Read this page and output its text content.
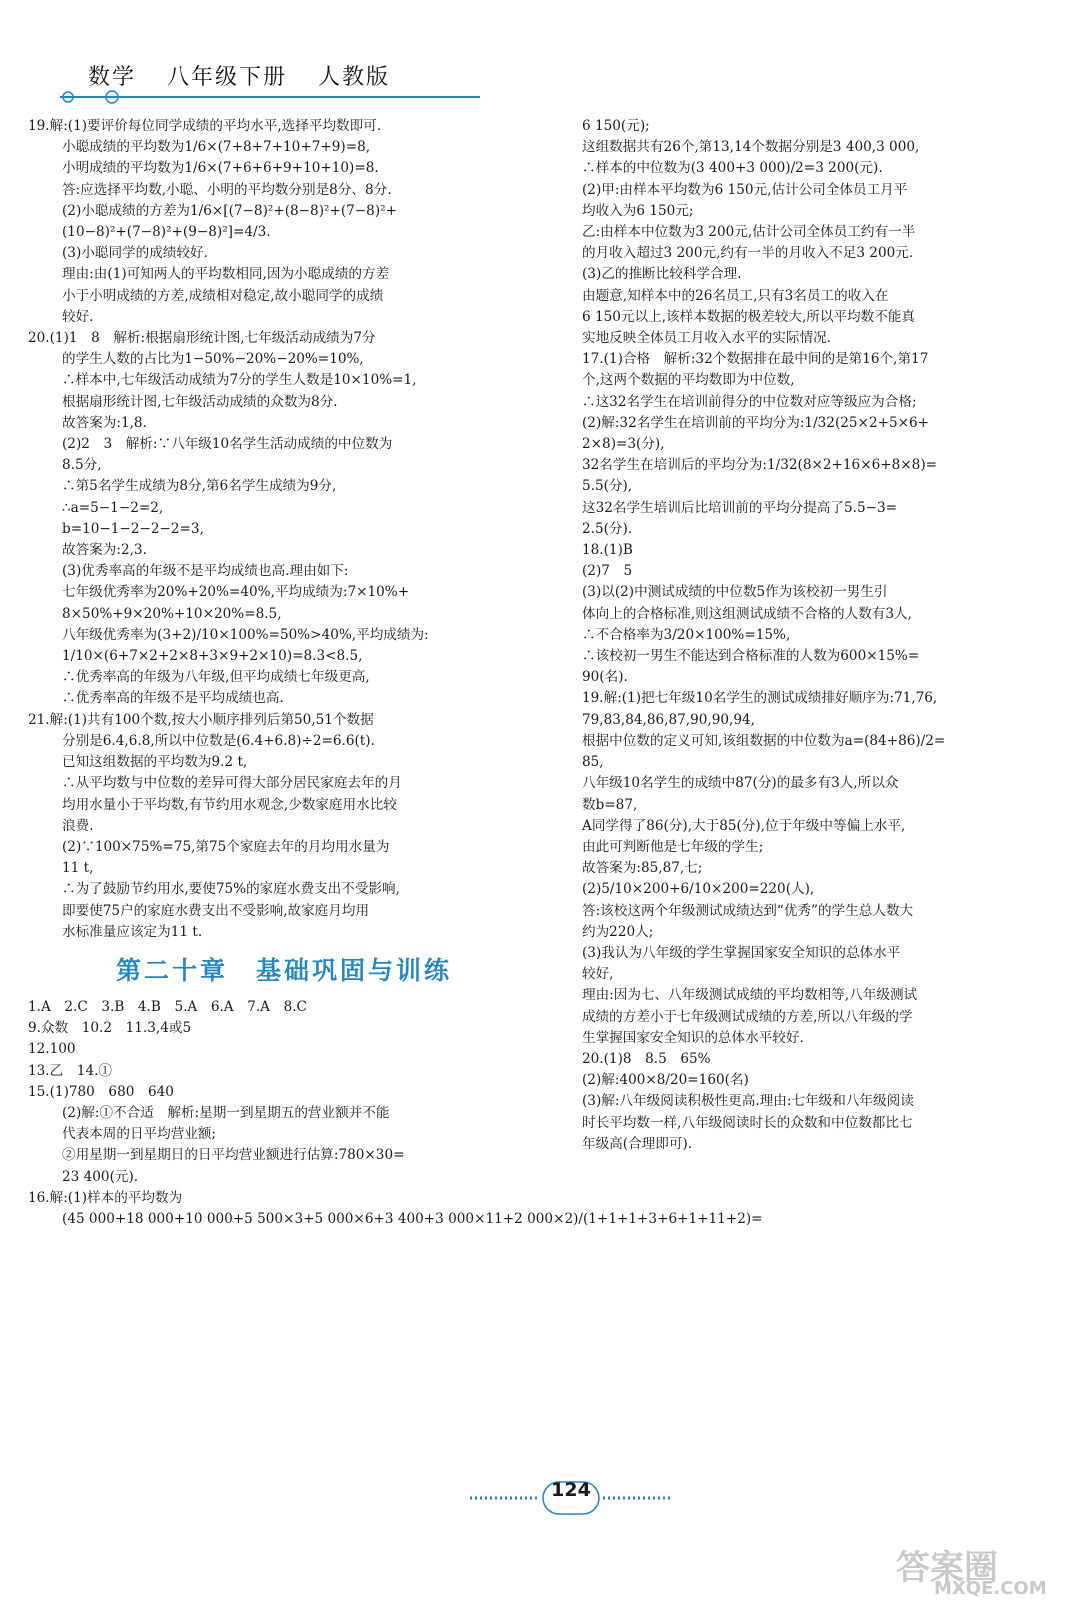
数学 八年级下册 人教版

19.解:(1)要评价每位同学成绩的平均水平,选择平均数即可.

小聪成绩的平均数为1/6×(7+8+7+10+7+9)=8,

小明成绩的平均数为1/6×(7+6+6+9+10+10)=8.

答:应选择平均数,小聪、小明的平均数分别是8分、8分.

(2)小聪成绩的方差为1/6×[(7−8)²+(8−8)²+(7−8)²+

(10−8)²+(7−8)²+(9−8)²]=4/3.

(3)小聪同学的成绩较好.

理由:由(1)可知两人的平均数相同,因为小聪成绩的方差

小于小明成绩的方差,成绩相对稳定,故小聪同学的成绩

较好.

20.(1)1　8　解析:根据扇形统计图,七年级活动成绩为7分

的学生人数的占比为1−50%−20%−20%=10%,

∴样本中,七年级活动成绩为7分的学生人数是10×10%=1,

根据扇形统计图,七年级活动成绩的众数为8分.

故答案为:1,8.

(2)2　3　解析:∵八年级10名学生活动成绩的中位数为

8.5分,

∴第5名学生成绩为8分,第6名学生成绩为9分,

∴a=5−1−2=2,

b=10−1−2−2−2=3,

故答案为:2,3.

(3)优秀率高的年级不是平均成绩也高.理由如下:

七年级优秀率为20%+20%=40%,平均成绩为:7×10%+

8×50%+9×20%+10×20%=8.5,

八年级优秀率为(3+2)/10×100%=50%>40%,平均成绩为:

1/10×(6+7×2+2×8+3×9+2×10)=8.3<8.5,

∴优秀率高的年级为八年级,但平均成绩七年级更高,

∴优秀率高的年级不是平均成绩也高.

21.解:(1)共有100个数,按大小顺序排列后第50,51个数据

分别是6.4,6.8,所以中位数是(6.4+6.8)÷2=6.6(t).

已知这组数据的平均数为9.2 t,

∴从平均数与中位数的差异可得大部分居民家庭去年的月

均用水量小于平均数,有节约用水观念,少数家庭用水比较

浪费.

(2)∵100×75%=75,第75个家庭去年的月均用水量为

11 t,

∴为了鼓励节约用水,要使75%的家庭水费支出不受影响,

即要使75户的家庭水费支出不受影响,故家庭月均用

水标准量应该定为11 t.

第二十章　基础巩固与训练

1.A　2.C　3.B　4.B　5.A　6.A　7.A　8.C

9.众数　10.2　11.3,4或5

12.100

13.乙　14.①

15.(1)780　680　640

(2)解:①不合适　解析:星期一到星期五的营业额并不能

代表本周的日平均营业额;

②用星期一到星期日的日平均营业额进行估算:780×30=

23 400(元).

16.解:(1)样本的平均数为

(45 000+18 000+10 000+5 500×3+5 000×6+3 400+3 000×11+2 000×2)/(1+1+1+3+6+1+11+2)=

6 150(元);

这组数据共有26个,第13,14个数据分别是3 400,3 000,

∴样本的中位数为(3 400+3 000)/2=3 200(元).

(2)甲:由样本平均数为6 150元,估计公司全体员工月平

均收入为6 150元;

乙:由样本中位数为3 200元,估计公司全体员工约有一半

的月收入超过3 200元,约有一半的月收入不足3 200元.

(3)乙的推断比较科学合理.

由题意,知样本中的26名员工,只有3名员工的收入在

6 150元以上,该样本数据的极差较大,所以平均数不能真

实地反映全体员工月收入水平的实际情况.

17.(1)合格　解析:32个数据排在最中间的是第16个,第17

个,这两个数据的平均数即为中位数,

∴这32名学生在培训前得分的中位数对应等级应为合格;

(2)解:32名学生在培训前的平均分为:1/32(25×2+5×6+

2×8)=3(分),

32名学生在培训后的平均分为:1/32(8×2+16×6+8×8)=

5.5(分),

这32名学生培训后比培训前的平均分提高了5.5−3=

2.5(分).

18.(1)B

(2)7　5

(3)以(2)中测试成绩的中位数5作为该校初一男生引

体向上的合格标准,则这组测试成绩不合格的人数有3人,

∴不合格率为3/20×100%=15%,

∴该校初一男生不能达到合格标准的人数为600×15%=

90(名).

19.解:(1)把七年级10名学生的测试成绩排好顺序为:71,76,

79,83,84,86,87,90,90,94,

根据中位数的定义可知,该组数据的中位数为a=(84+86)/2=

85,

八年级10名学生的成绩中87(分)的最多有3人,所以众

数b=87,

A同学得了86(分),大于85(分),位于年级中等偏上水平,

由此可判断他是七年级的学生;

故答案为:85,87,七;

(2)5/10×200+6/10×200=220(人),

答:该校这两个年级测试成绩达到“优秀”的学生总人数大

约为220人;

(3)我认为八年级的学生掌握国家安全知识的总体水平

较好,

理由:因为七、八年级测试成绩的平均数相等,八年级测试

成绩的方差小于七年级测试成绩的方差,所以八年级的学

生掌握国家安全知识的总体水平较好.

20.(1)8　8.5　65%

(2)解:400×8/20=160(名)

(3)解:八年级阅读积极性更高.理由:七年级和八年级阅读

时长平均数一样,八年级阅读时长的众数和中位数都比七

年级高(合理即可).

124
答案圈
MXQE.COM
